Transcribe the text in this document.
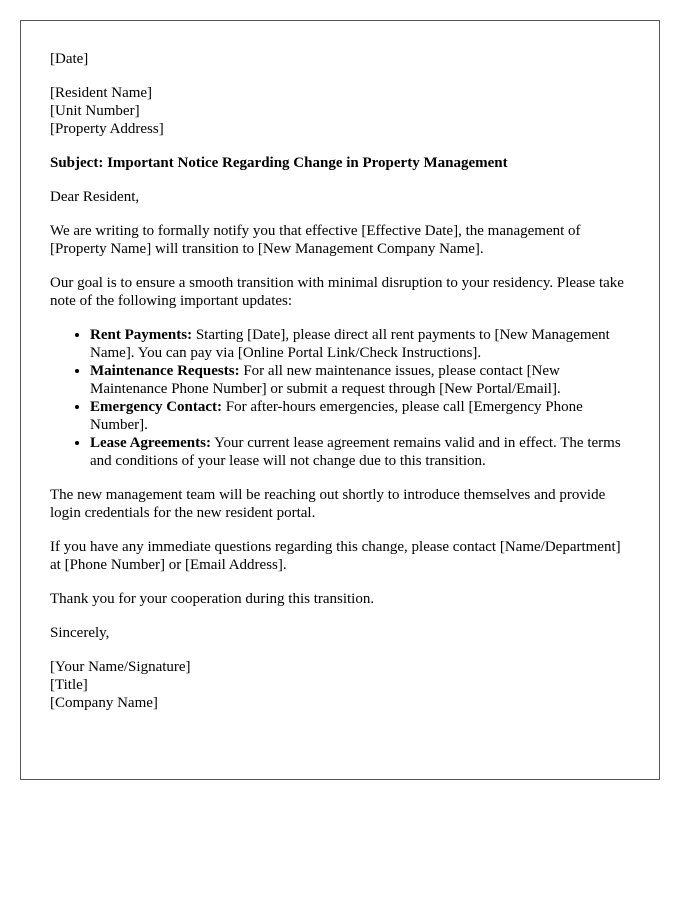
[Date]

[Resident Name]
[Unit Number]
[Property Address]

Subject: Important Notice Regarding Change in Property Management

Dear Resident,

We are writing to formally notify you that effective [Effective Date], the management of [Property Name] will transition to [New Management Company Name].

Our goal is to ensure a smooth transition with minimal disruption to your residency. Please take note of the following important updates:

• Rent Payments: Starting [Date], please direct all rent payments to [New Management Name]. You can pay via [Online Portal Link/Check Instructions].
• Maintenance Requests: For all new maintenance issues, please contact [New Maintenance Phone Number] or submit a request through [New Portal/Email].
• Emergency Contact: For after-hours emergencies, please call [Emergency Phone Number].
• Lease Agreements: Your current lease agreement remains valid and in effect. The terms and conditions of your lease will not change due to this transition.

The new management team will be reaching out shortly to introduce themselves and provide login credentials for the new resident portal.

If you have any immediate questions regarding this change, please contact [Name/Department] at [Phone Number] or [Email Address].

Thank you for your cooperation during this transition.

Sincerely,

[Your Name/Signature]
[Title]
[Company Name]
